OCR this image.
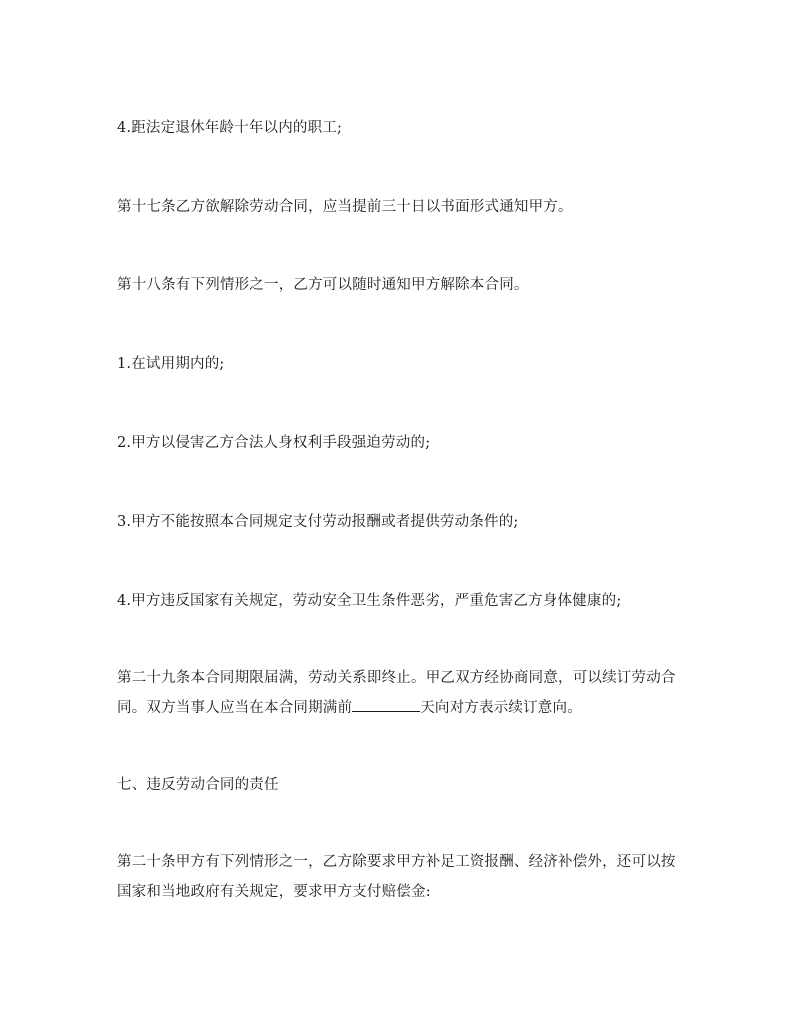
4.距法定退休年龄十年以内的职工;

第十七条乙方欲解除劳动合同，应当提前三十日以书面形式通知甲方。

第十八条有下列情形之一，乙方可以随时通知甲方解除本合同。

1.在试用期内的;

2.甲方以侵害乙方合法人身权利手段强迫劳动的;

3.甲方不能按照本合同规定支付劳动报酬或者提供劳动条件的;

4.甲方违反国家有关规定，劳动安全卫生条件恶劣，严重危害乙方身体健康的;

第二十九条本合同期限届满，劳动关系即终止。甲乙双方经协商同意，可以续订劳动合同。双方当事人应当在本合同期满前	天向对方表示续订意向。

七、违反劳动合同的责任

第二十条甲方有下列情形之一，乙方除要求甲方补足工资报酬、经济补偿外，还可以按国家和当地政府有关规定，要求甲方支付赔偿金:
